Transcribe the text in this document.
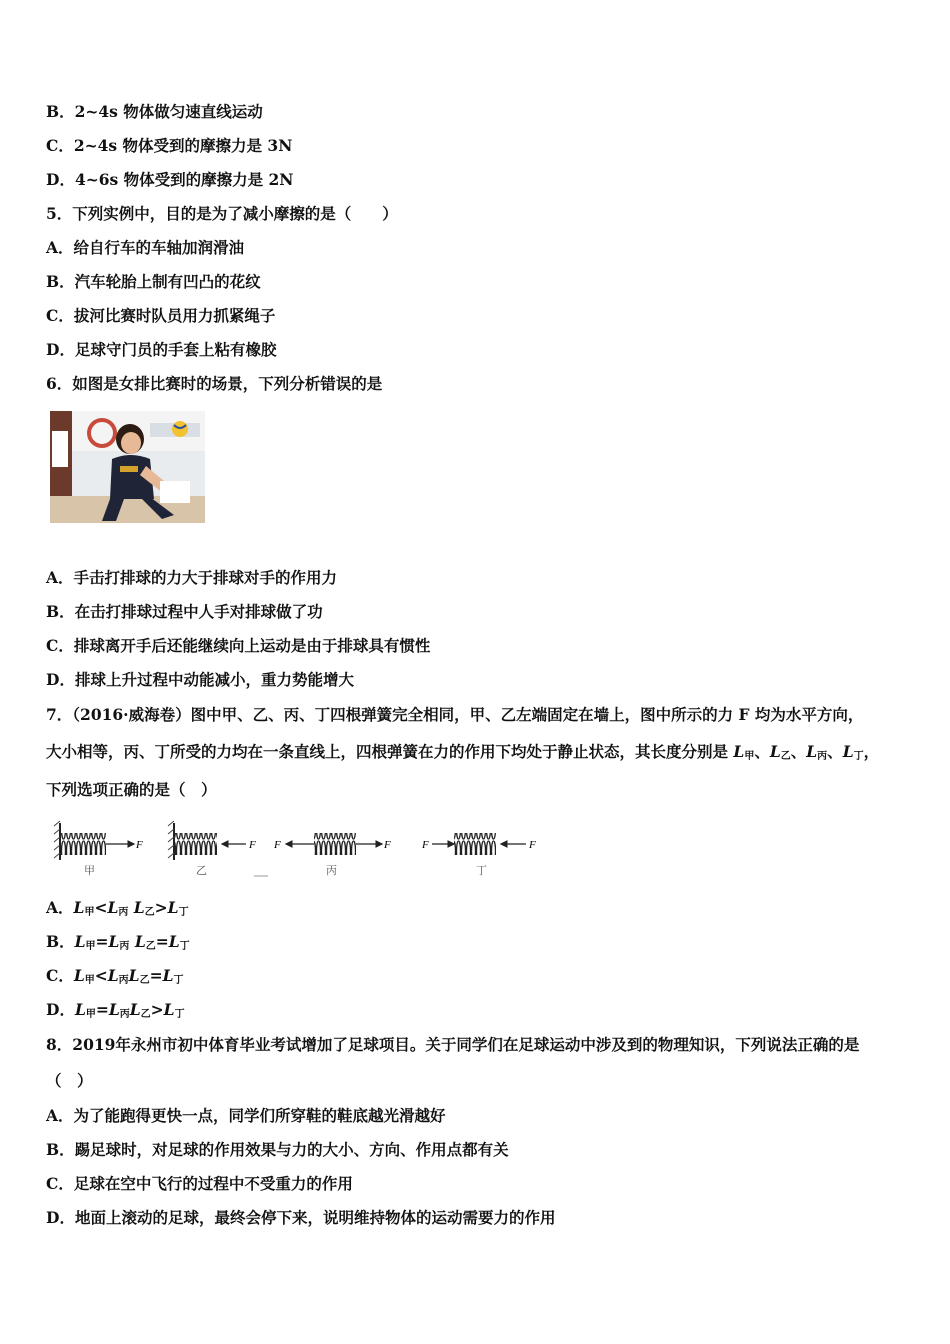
B．2~4s 物体做匀速直线运动
C．2~4s 物体受到的摩擦力是 3N
D．4~6s 物体受到的摩擦力是 2N
5．下列实例中，目的是为了减小摩擦的是（　　）
A．给自行车的车轴加润滑油
B．汽车轮胎上制有凹凸的花纹
C．拔河比赛时队员用力抓紧绳子
D．足球守门员的手套上粘有橡胶
6．如图是女排比赛时的场景，下列分析错误的是
A．手击打排球的力大于排球对手的作用力
B．在击打排球过程中人手对排球做了功
C．排球离开手后还能继续向上运动是由于排球具有惯性
D．排球上升过程中动能减小，重力势能增大
7．（2016·威海卷）图中甲、乙、丙、丁四根弹簧完全相同，甲、乙左端固定在墙上，图中所示的力 F 均为水平方向，
大小相等，丙、丁所受的力均在一条直线上，四根弹簧在力的作用下均处于静止状态，其长度分别是 $L_甲$、$L_乙$、$L_丙$、$L_丁$，
下列选项正确的是（　）
F
甲
F
乙
F	F
丙
F	F
丁
A．$L_甲<L_丙$ $L_乙>L_丁$
B．$L_甲=L_丙$ $L_乙=L_丁$
C．$L_甲<L_丙L_乙=L_丁$
D．$L_甲=L_丙L_乙>L_丁$
8．2019年永州市初中体育毕业考试增加了足球项目。关于同学们在足球运动中涉及到的物理知识，下列说法正确的是
（　）
A．为了能跑得更快一点，同学们所穿鞋的鞋底越光滑越好
B．踢足球时，对足球的作用效果与力的大小、方向、作用点都有关
C．足球在空中飞行的过程中不受重力的作用
D．地面上滚动的足球，最终会停下来，说明维持物体的运动需要力的作用
